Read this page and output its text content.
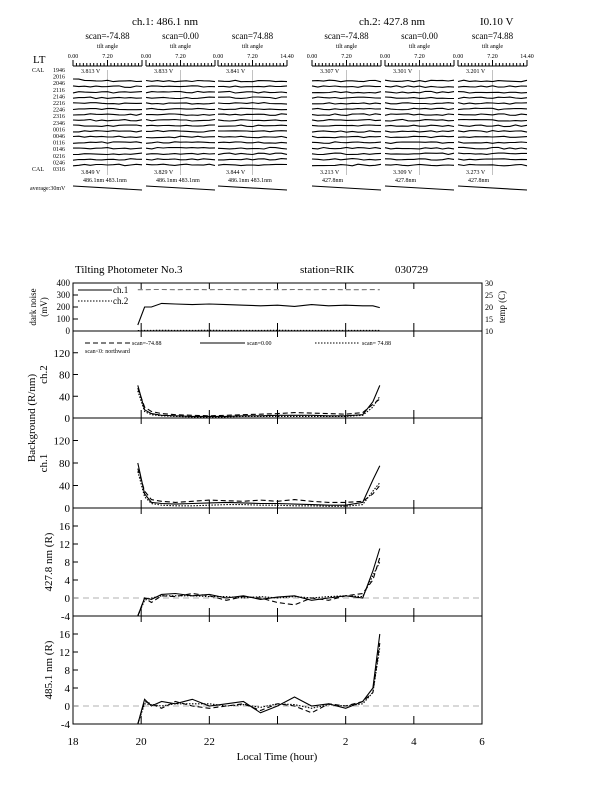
LT
1946
2016
2046
2116
2146
2216
2246
2316
2346
0016
0046
0116
0146
0216
0246
0316
CAL
CAL
average:30mV
I0.10 V
ch.1: 486.1 nm
scan=-74.88
tilt angle
0.00	7.20
3.813 V
3.849 V
486.1nm 483.1nm
scan=0.00
tilt angle
0.00	7.20
3.833 V
3.829 V
486.1nm 483.1nm
scan=74.88
tilt angle
0.00	7.20	14.40
3.841 V
3.844 V
486.1nm 483.1nm
ch.2: 427.8 nm
scan=-74.88
tilt angle
0.00	7.20
3.307 V
3.213 V
427.8nm
scan=0.00
tilt angle
0.00	7.20
3.301 V
3.309 V
427.8nm
scan=74.88
tilt angle
0.00	7.20	14.40
3.201 V
3.273 V
427.8nm
Tilting Photometer No.3	station=RIK	030729
0
100
200
300
400
10
15
20
25
30
dark noise (mV)	temp (C)
ch.1
ch.2
0
40
80
120
ch.2
0
40
80
120
ch.1
-4
0
4
8
12
16
427.8 nm (R)
-4
0
4
8
12
16
485.1 nm (R)
Background (R/nm)
scan=-74.88	scan=0.00	scan= 74.88
scan<0: northward
18	20	22	2	4	6
Local Time (hour)
